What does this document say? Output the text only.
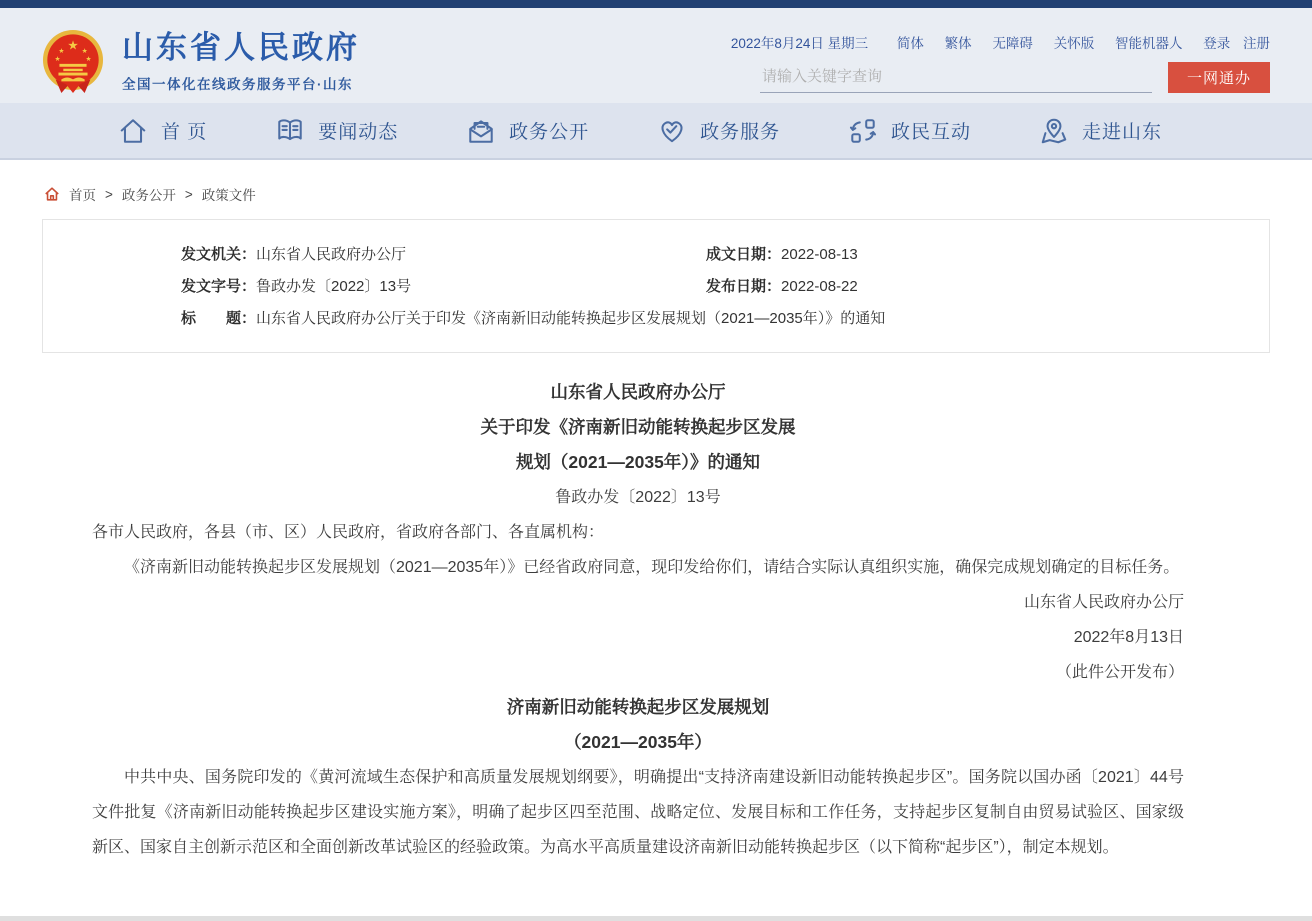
★
★ ★
★	★ 山东省人民政府
全国一体化在线政务服务平台·山东
2022年8月24日 星期三 简体 繁体 无障碍 关怀版 智能机器人 登录 注册
请输入关键字查询
一网通办
首 页	要闻动态	政务公开	政务服务	政民互动	走进山东
首页 > 政务公开 > 政策文件
发文机关：山东省人民政府办公厅	成文日期：2022-08-13
发文字号：鲁政办发〔2022〕13号	发布日期：2022-08-22
标　　题：山东省人民政府办公厅关于印发《济南新旧动能转换起步区发展规划（2021—2035年）》的通知
山东省人民政府办公厅
关于印发《济南新旧动能转换起步区发展
规划（2021—2035年）》的通知
鲁政办发〔2022〕13号

各市人民政府，各县（市、区）人民政府，省政府各部门、各直属机构：

《济南新旧动能转换起步区发展规划（2021—2035年）》已经省政府同意，现印发给你们，请结合实际认真组织实施，确保完成规划确定的目标任务。

山东省人民政府办公厅
2022年8月13日
（此件公开发布）
济南新旧动能转换起步区发展规划
（2021—2035年）

中共中央、国务院印发的《黄河流域生态保护和高质量发展规划纲要》，明确提出“支持济南建设新旧动能转换起步区”。国务院以国办函〔2021〕44号文件批复《济南新旧动能转换起步区建设实施方案》，明确了起步区四至范围、战略定位、发展目标和工作任务，支持起步区复制自由贸易试验区、国家级新区、国家自主创新示范区和全面创新改革试验区的经验政策。为高水平高质量建设济南新旧动能转换起步区（以下简称“起步区”），制定本规划。
